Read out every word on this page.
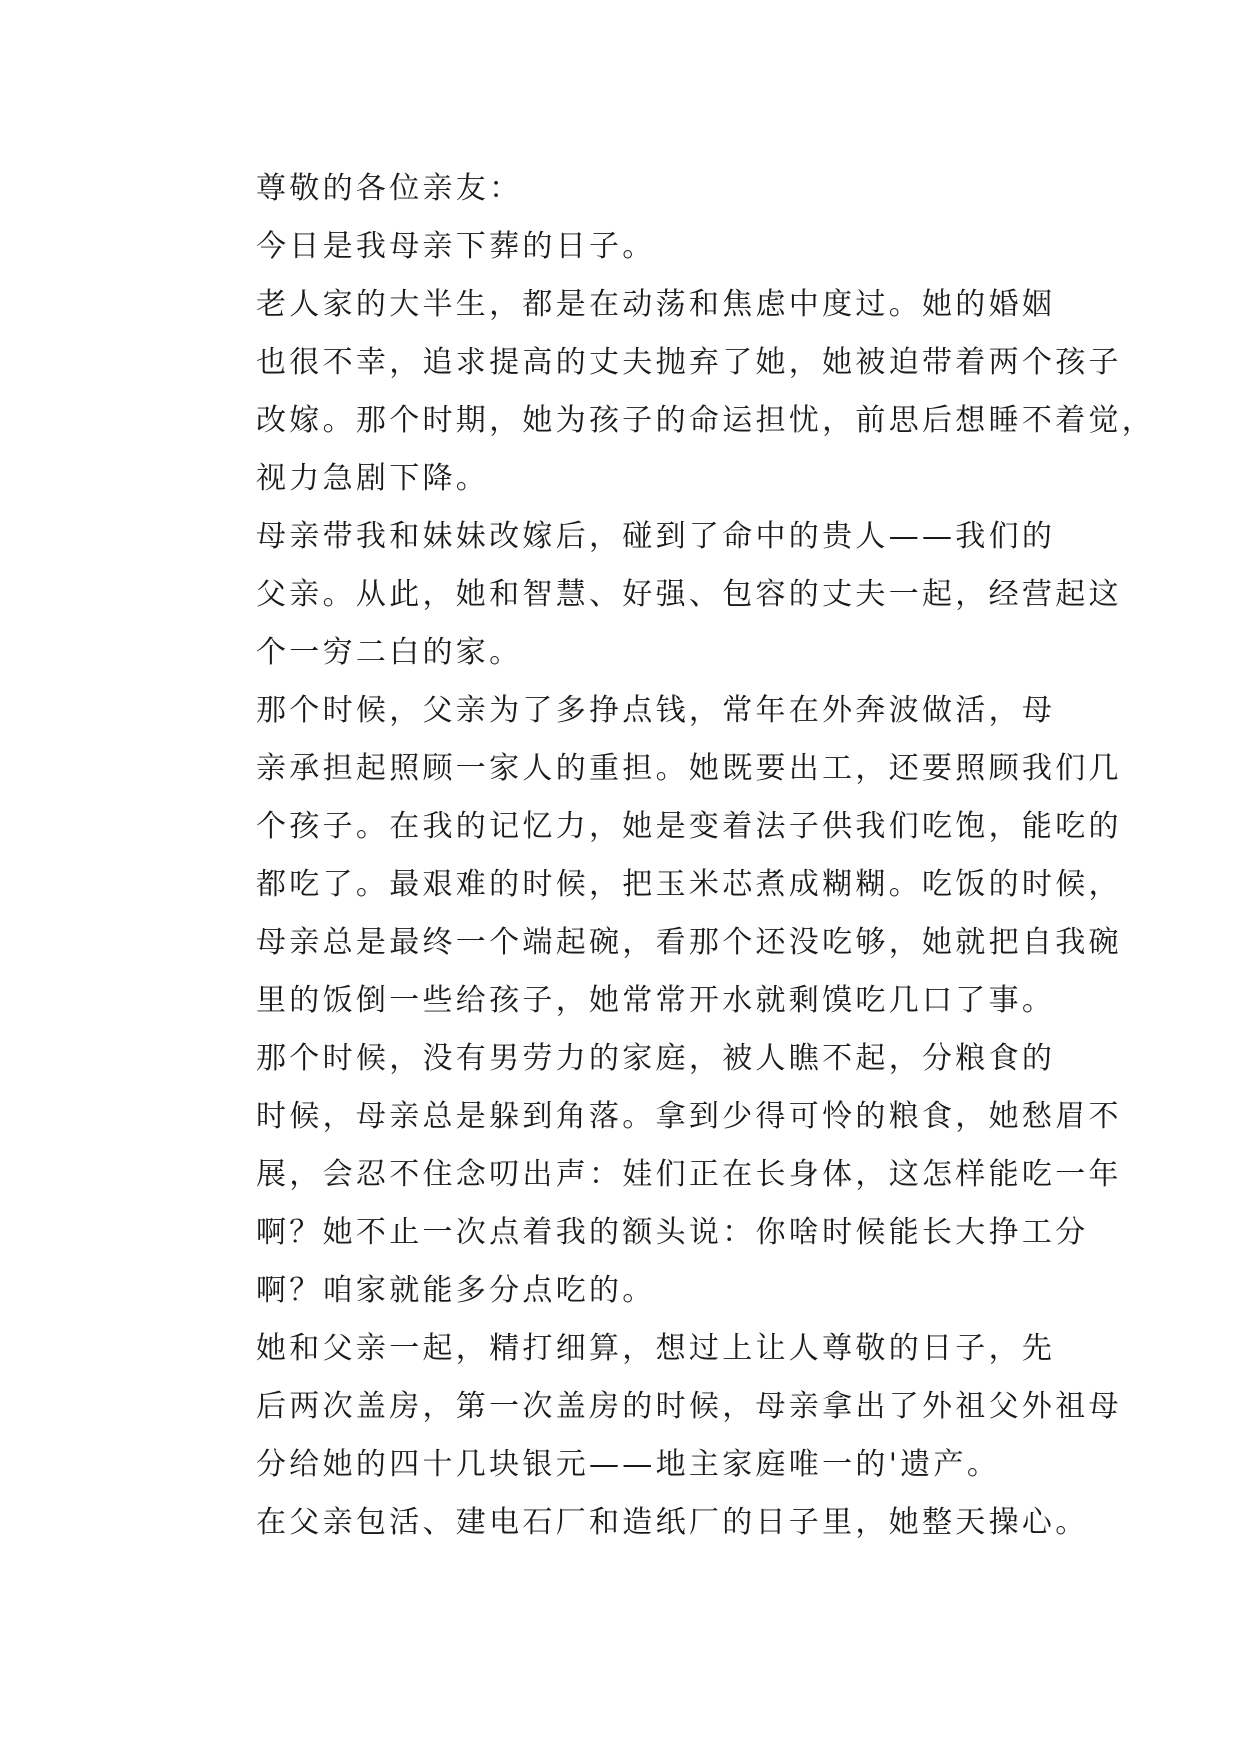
尊敬的各位亲友：

今日是我母亲下葬的日子。

老人家的大半生，都是在动荡和焦虑中度过。她的婚姻
也很不幸，追求提高的丈夫抛弃了她，她被迫带着两个孩子
改嫁。那个时期，她为孩子的命运担忧，前思后想睡不着觉，
视力急剧下降。

母亲带我和妹妹改嫁后，碰到了命中的贵人——我们的
父亲。从此，她和智慧、好强、包容的丈夫一起，经营起这
个一穷二白的家。

那个时候，父亲为了多挣点钱，常年在外奔波做活，母
亲承担起照顾一家人的重担。她既要出工，还要照顾我们几
个孩子。在我的记忆力，她是变着法子供我们吃饱，能吃的
都吃了。最艰难的时候，把玉米芯煮成糊糊。吃饭的时候，
母亲总是最终一个端起碗，看那个还没吃够，她就把自我碗
里的饭倒一些给孩子，她常常开水就剩馍吃几口了事。

那个时候，没有男劳力的家庭，被人瞧不起，分粮食的
时候，母亲总是躲到角落。拿到少得可怜的粮食，她愁眉不
展，会忍不住念叨出声：娃们正在长身体，这怎样能吃一年
啊？她不止一次点着我的额头说：你啥时候能长大挣工分
啊？咱家就能多分点吃的。

她和父亲一起，精打细算，想过上让人尊敬的日子，先
后两次盖房，第一次盖房的时候，母亲拿出了外祖父外祖母
分给她的四十几块银元——地主家庭唯一的'遗产。

在父亲包活、建电石厂和造纸厂的日子里，她整天操心。
